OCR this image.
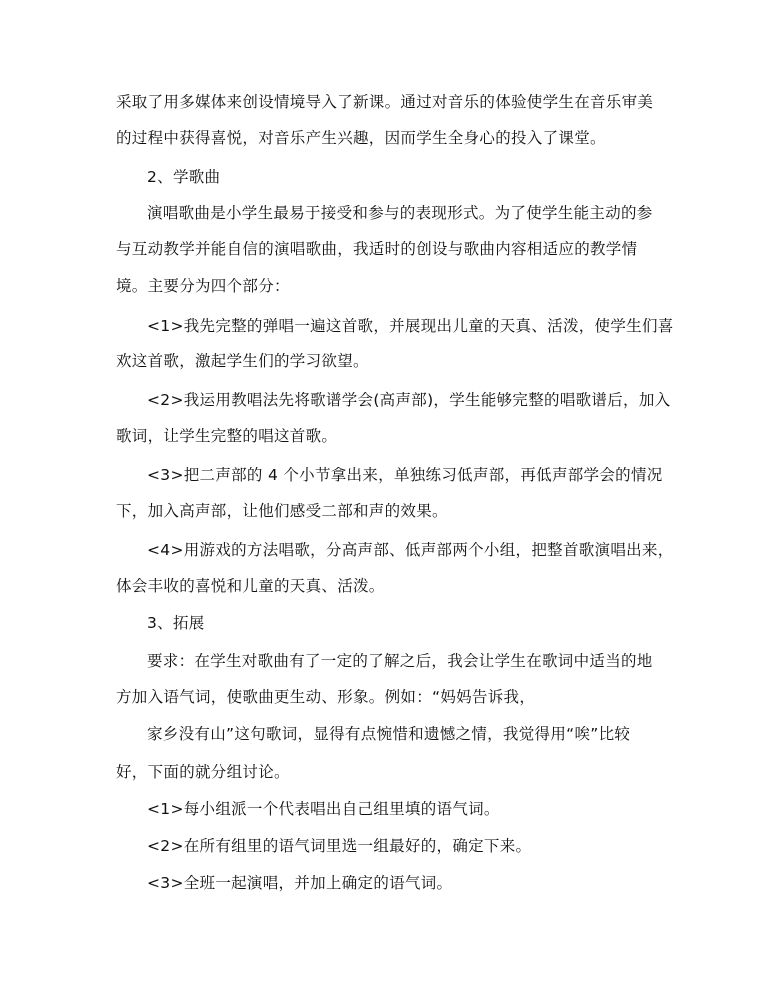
采取了用多媒体来创设情境导入了新课。通过对音乐的体验使学生在音乐审美
的过程中获得喜悦，对音乐产生兴趣，因而学生全身心的投入了课堂。
2、学歌曲
演唱歌曲是小学生最易于接受和参与的表现形式。为了使学生能主动的参
与互动教学并能自信的演唱歌曲，我适时的创设与歌曲内容相适应的教学情
境。主要分为四个部分：
<1>我先完整的弹唱一遍这首歌，并展现出儿童的天真、活泼，使学生们喜
欢这首歌，激起学生们的学习欲望。
<2>我运用教唱法先将歌谱学会(高声部)，学生能够完整的唱歌谱后，加入
歌词，让学生完整的唱这首歌。
<3>把二声部的 4 个小节拿出来，单独练习低声部，再低声部学会的情况
下，加入高声部，让他们感受二部和声的效果。
<4>用游戏的方法唱歌，分高声部、低声部两个小组，把整首歌演唱出来，
体会丰收的喜悦和儿童的天真、活泼。
3、拓展
要求：在学生对歌曲有了一定的了解之后，我会让学生在歌词中适当的地
方加入语气词，使歌曲更生动、形象。例如：“妈妈告诉我，
家乡没有山”这句歌词，显得有点惋惜和遗憾之情，我觉得用“唉”比较
好，下面的就分组讨论。
<1>每小组派一个代表唱出自己组里填的语气词。
<2>在所有组里的语气词里选一组最好的，确定下来。
<3>全班一起演唱，并加上确定的语气词。
